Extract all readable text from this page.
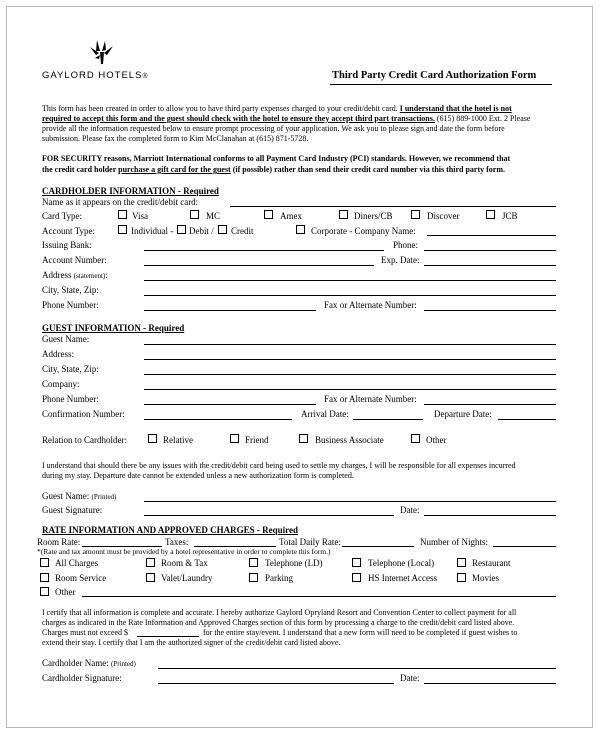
GAYLORD HOTELS®	Third Party Credit Card Authorization Form
This form has been created in order to allow you to have third party expenses charged to your credit/debit card. I understand that the hotel is not
required to accept this form and the guest should check with the hotel to ensure they accept third part transactions. (615) 889-1000 Ext. 2 Please
provide all the information requested below to ensure prompt processing of your application. We ask you to please sign and date the form before
submission. Please fax the completed form to Kim McClanahan at (615) 871-5728.
FOR SECURITY reasons, Marriott International conforms to all Payment Card Industry (PCI) standards. However, we recommend that
the credit card holder purchase a gift card for the guest (if possible) rather than send their credit card number via this third party form.
CARDHOLDER INFORMATION - Required
Name as it appears on the credit/debit card:
Card Type:	Visa	MC	Amex	Diners/CB	Discover	JCB
Account Type:	Individual - Debit / Credit	Corporate - Company Name:
Issuing Bank:	Phone:
Account Number:	Exp. Date:
Address (statement):
City, State, Zip:
Phone Number:	Fax or Alternate Number:
GUEST INFORMATION - Required
Guest Name:
Address:
City, State, Zip:
Company:
Phone Number:	Fax or Alternate Number:
Confirmation Number:	Arrival Date:	Departure Date:
Relation to Cardholder:	Relative	Friend	Business Associate	Other
I understand that should there be any issues with the credit/debit card being used to settle my charges, I will be responsible for all expenses incurred
during my stay. Departure date cannot be extended unless a new authorization form is completed.
Guest Name: (Printed)
Guest Signature:	Date:
RATE INFORMATION AND APPROVED CHARGES - Required
Room Rate:	Taxes:	Total Daily Rate:	Number of Nights:
*(Rate and tax amount must be provided by a hotel representative in order to complete this form.)
All Charges	Room & Tax	Telephone (LD)	Telephone (Local)	Restaurant
Room Service	Valet/Laundry	Parking	HS Internet Access	Movies
Other
I certify that all information is complete and accurate. I hereby authorize Gaylord Opryland Resort and Convention Center to collect payment for all
charges as indicated in the Rate Information and Approved Charges section of this form by processing a charge to the credit/debit card listed above.
Charges must not exceed $	for the entire stay/event. I understand that a new form will need to be completed if guest wishes to
extend their stay. I certify that I am the authorized signer of the credit/debit card listed above.
Cardholder Name: (Printed)
Cardholder Signature:	Date:
